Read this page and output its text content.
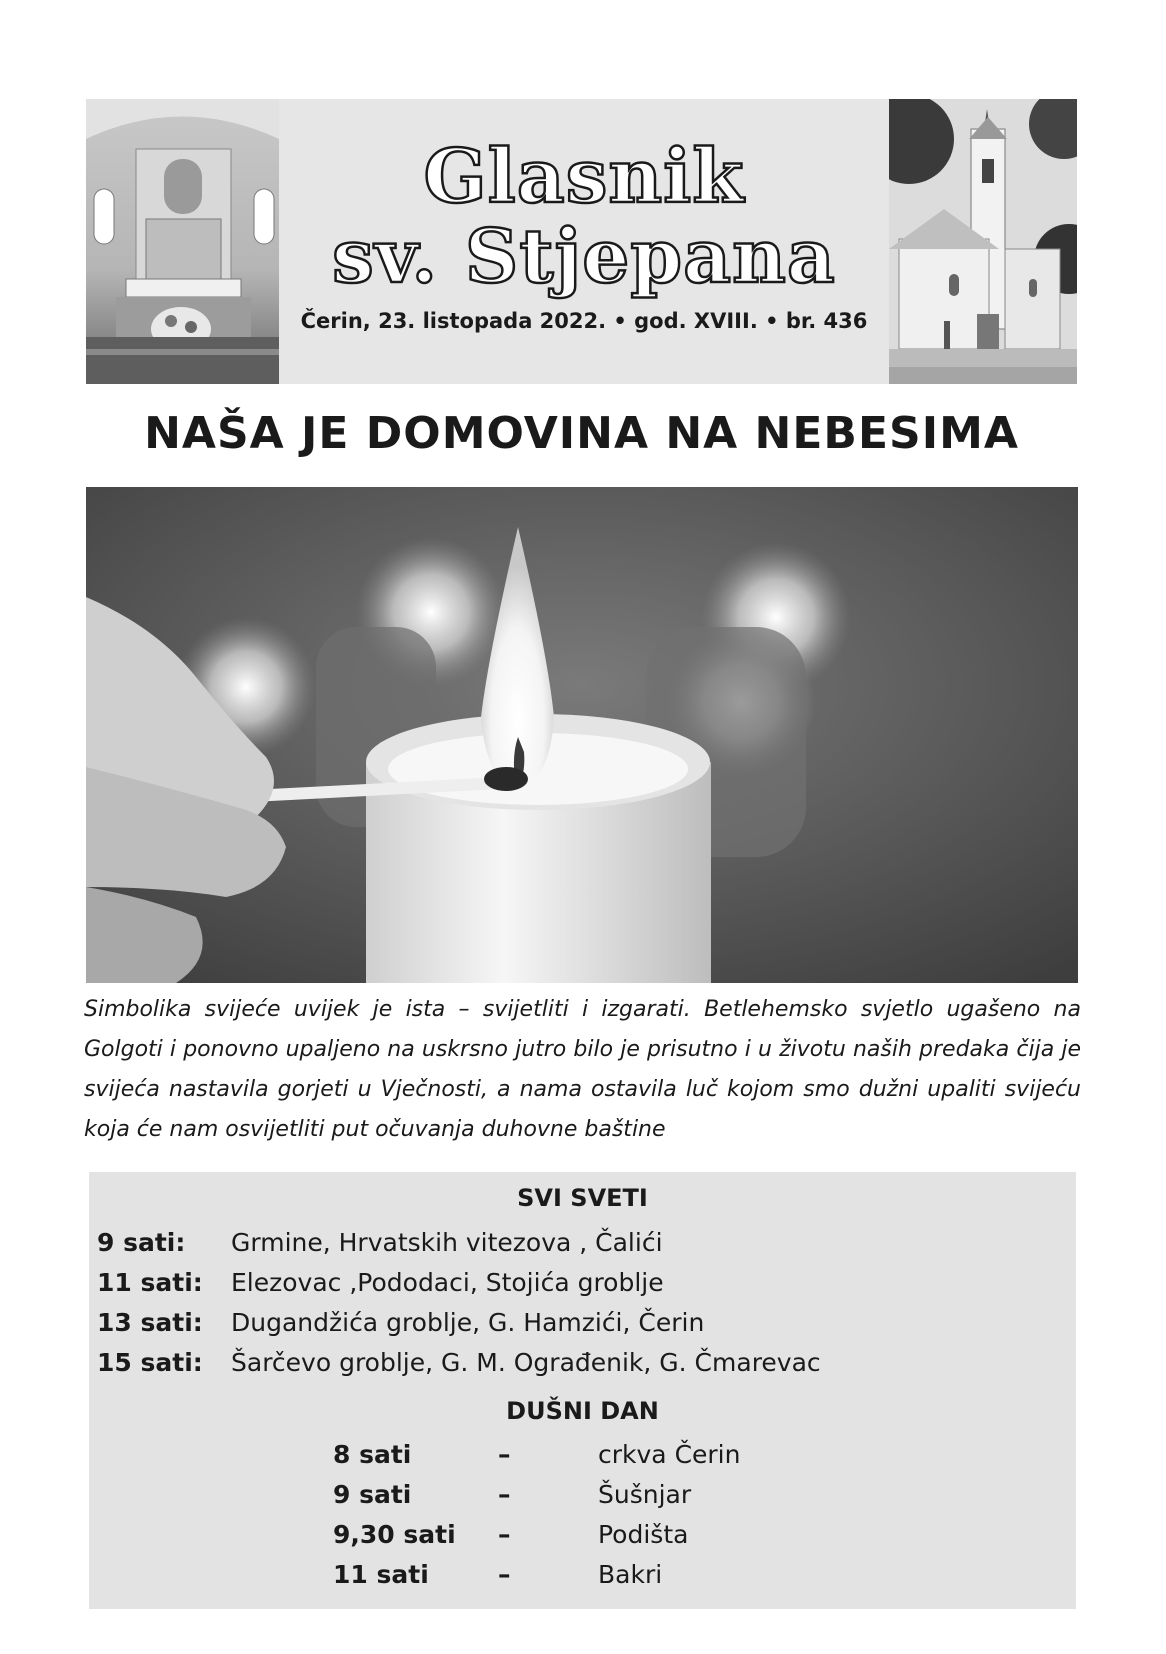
Glasnik
sv. Stjepana
Čerin, 23. listopada 2022. • god. XVIII. • br. 436
NAŠA JE DOMOVINA NA NEBESIMA
Simbolika svijeće uvijek je ista – svijetliti i izgarati. Betlehemsko svjetlo ugašeno na Golgoti i ponovno upaljeno na uskrsno jutro bilo je prisutno i u životu naših predaka čija je svijeća nastavila gorjeti u Vječnosti, a nama ostavila luč kojom smo dužni upaliti svijeću koja će nam osvijetliti put očuvanja duhovne baštine
SVI SVETI
9 sati:	Grmine, Hrvatskih vitezova , Čalići
11 sati:	Elezovac ,Pododaci, Stojića groblje
13 sati:	Dugandžića groblje, G. Hamzići, Čerin
15 sati:	Šarčevo groblje, G. M. Ograđenik, G. Čmarevac
DUŠNI DAN
8 sati	–	crkva Čerin
9 sati	–	Šušnjar
9,30 sati	–	Podišta
11 sati	–	Bakri
